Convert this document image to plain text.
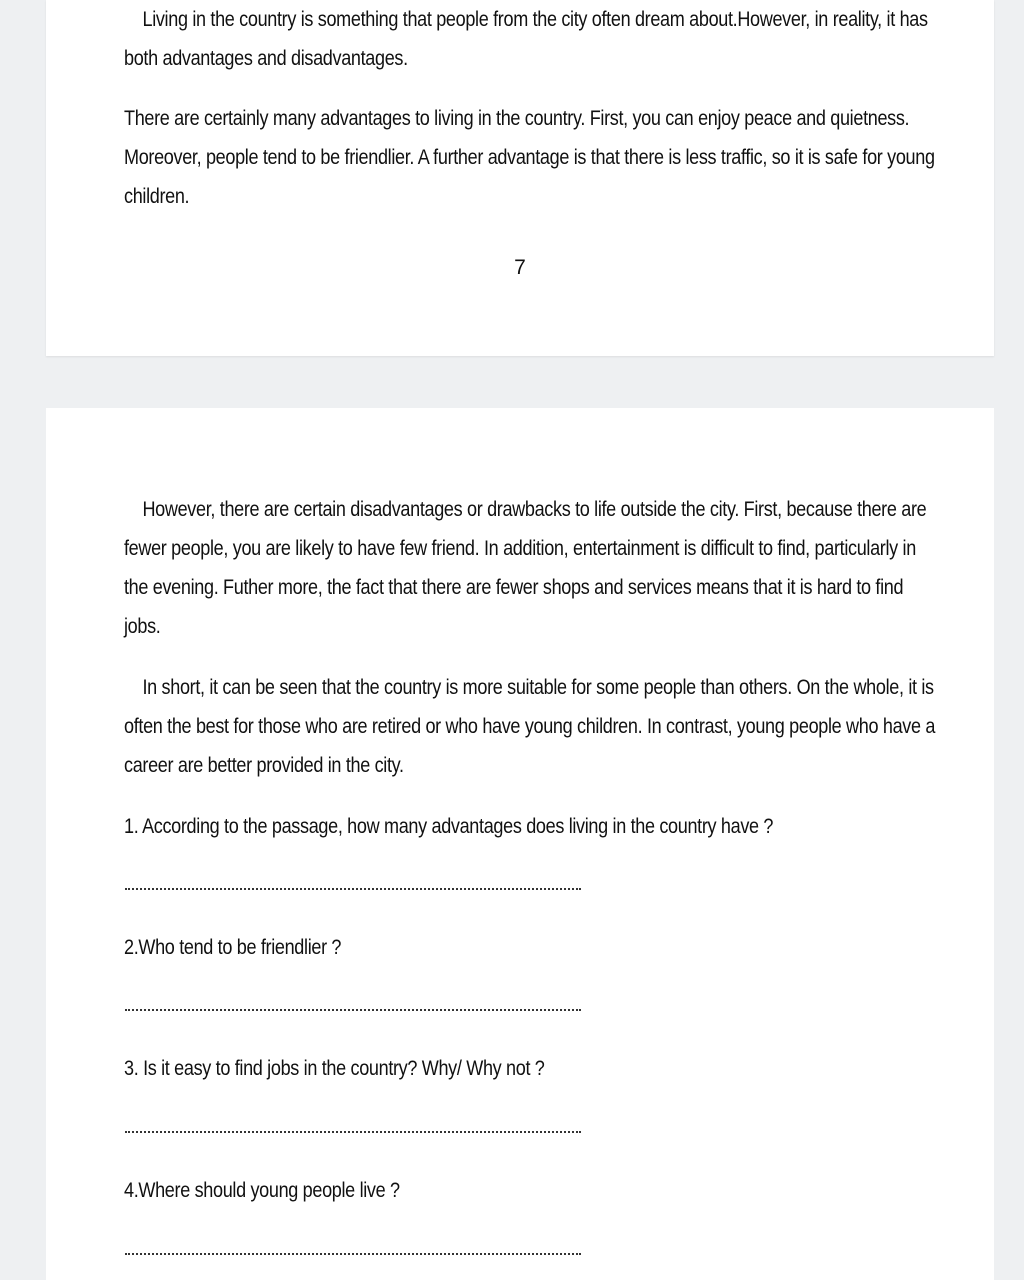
Living in the country is something that people from the city often dream about.However, in reality, it has both advantages and disadvantages.

There are certainly many advantages to living in the country. First, you can enjoy peace and quietness. Moreover, people tend to be friendlier. A further advantage is that there is less traffic, so it is safe for young children.

7

However, there are certain disadvantages or drawbacks to life outside the city. First, because there are fewer people, you are likely to have few friend. In addition, entertainment is difficult to find, particularly in the evening. Futher more, the fact that there are fewer shops and services means that it is hard to find jobs.

In short, it can be seen that the country is more suitable for some people than others. On the whole, it is often the best for those who are retired or who have young children. In contrast, young people who have a career are better provided in the city.

1. According to the passage, how many advantages does living in the country have ?

2.Who tend to be friendlier ?

3. Is it easy to find jobs in the country? Why/ Why not ?

4.Where should young people live ?
